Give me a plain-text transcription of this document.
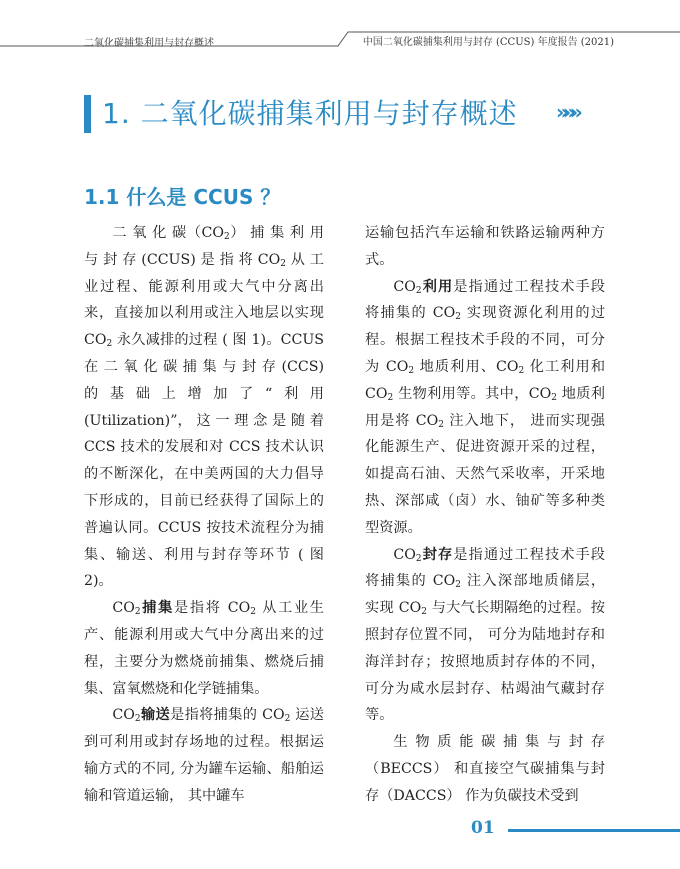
二氧化碳捕集利用与封存概述	中国二氧化碳捕集利用与封存 (CCUS) 年度报告 (2021)
1. 二氧化碳捕集利用与封存概述 »»»
1.1 什么是 CCUS ？

二 氧 化 碳$(CO_2)$ 捕 集 利 用 与 封 存 (CCUS) 是 指 将 $CO_2$ 从 工 业过程、能源利用或大气中分离出来，直接加以利用或注入地层以实现 $CO_2$ 永久减排的过程 ( 图 1)。CCUS 在 二 氧 化 碳 捕 集 与 封 存 (CCS) 的基础上增加了“利用 (Utilization)”， 这 一 理 念 是 随 着 CCS 技术的发展和对 CCS 技术认识的不断深化，在中美两国的大力倡导下形成的，目前已经获得了国际上的普遍认同。CCUS 按技术流程分为捕集、输送、利用与封存等环节 ( 图 2)。

$CO_2$捕集是指将 $CO_2$ 从工业生产、能源利用或大气中分离出来的过程，主要分为燃烧前捕集、燃烧后捕集、富氧燃烧和化学链捕集。

$CO_2$输送是指将捕集的 $CO_2$ 运送到可利用或封存场地的过程。根据运输方式的不同, 分为罐车运输、船舶运输和管道运输， 其中罐车

运输包括汽车运输和铁路运输两种方式。

$CO_2$利用是指通过工程技术手段将捕集的 $CO_2$ 实现资源化利用的过程。根据工程技术手段的不同，可分为 $CO_2$ 地质利用、$CO_2$ 化工利用和 $CO_2$ 生物利用等。其中，$CO_2$ 地质利用是将 $CO_2$ 注入地下， 进而实现强化能源生产、促进资源开采的过程，如提高石油、天然气采收率，开采地热、深部咸（卤）水、铀矿等多种类型资源。

$CO_2$封存是指通过工程技术手段将捕集的 $CO_2$ 注入深部地质储层， 实现 $CO_2$ 与大气长期隔绝的过程。按照封存位置不同， 可分为陆地封存和海洋封存；按照地质封存体的不同，可分为咸水层封存、枯竭油气藏封存等。

生 物 质 能 碳 捕 集 与 封 存 （BECCS） 和直接空气碳捕集与封存（DACCS） 作为负碳技术受到

01
